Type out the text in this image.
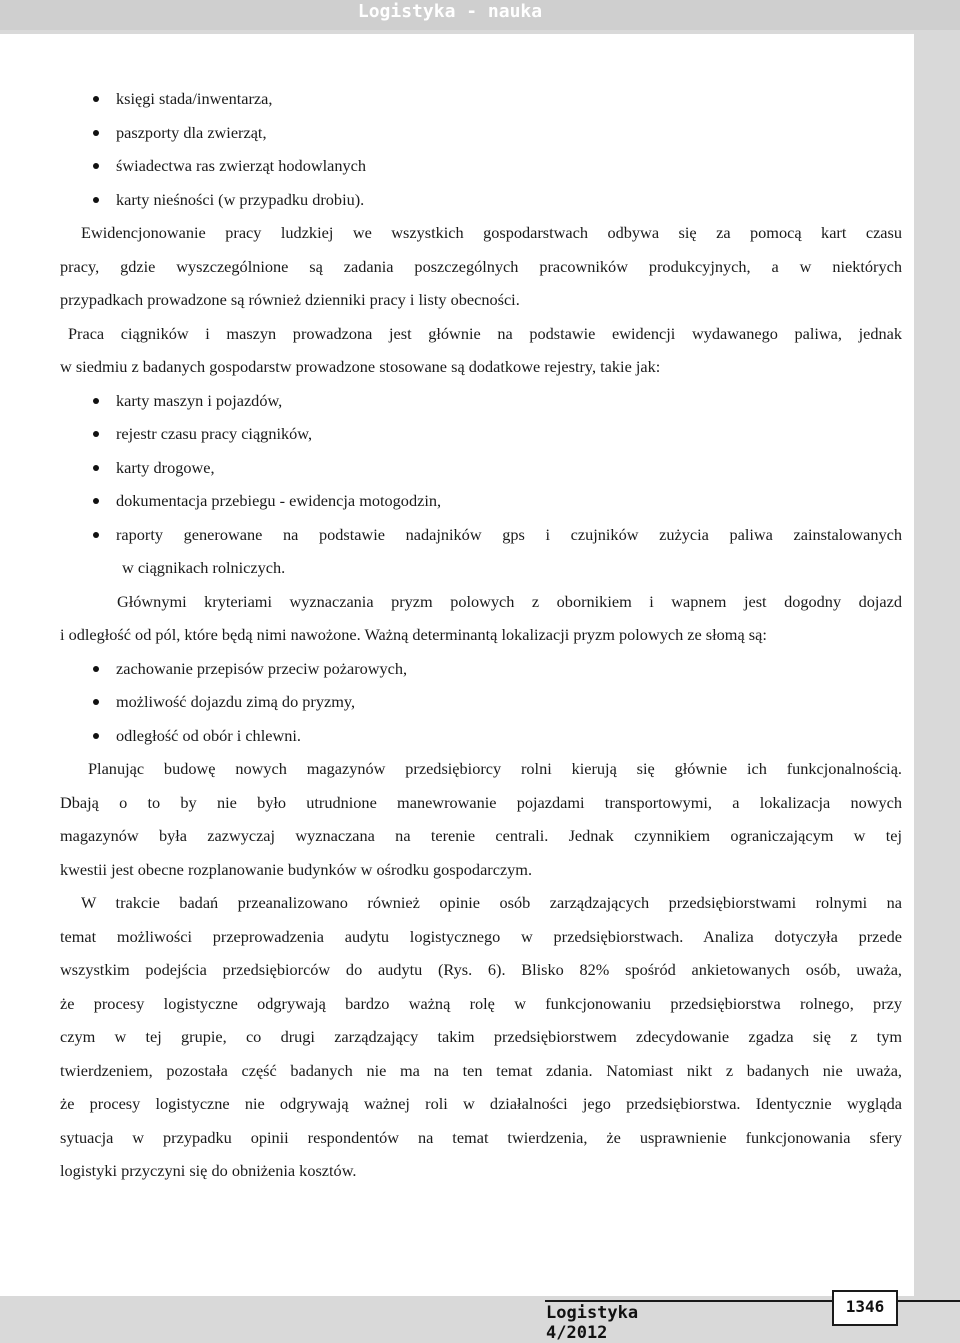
Logistyka - nauka
księgi stada/inwentarza,
paszporty dla zwierząt,
świadectwa ras zwierząt hodowlanych
karty nieśności (w przypadku drobiu).
Ewidencjonowanie pracy ludzkiej we wszystkich gospodarstwach odbywa się za pomocą kart czasu
pracy, gdzie wyszczególnione są zadania poszczególnych pracowników produkcyjnych, a w niektórych
przypadkach prowadzone są również dzienniki pracy i listy obecności.
Praca ciągników i maszyn prowadzona jest głównie na podstawie ewidencji wydawanego paliwa, jednak
w siedmiu z badanych gospodarstw prowadzone stosowane są dodatkowe rejestry, takie jak:
karty maszyn i pojazdów,
rejestr czasu pracy ciągników,
karty drogowe,
dokumentacja przebiegu - ewidencja motogodzin,
raporty generowane na podstawie nadajników gps i czujników zużycia paliwa zainstalowanych
w ciągnikach rolniczych.
Głównymi kryteriami wyznaczania pryzm polowych z obornikiem i wapnem jest dogodny dojazd
i odległość od pól, które będą nimi nawożone. Ważną determinantą lokalizacji pryzm polowych ze słomą są:
zachowanie przepisów przeciw pożarowych,
możliwość dojazdu zimą do pryzmy,
odległość od obór i chlewni.
Planując budowę nowych magazynów przedsiębiorcy rolni kierują się głównie ich funkcjonalnością.
Dbają o to by nie było utrudnione manewrowanie pojazdami transportowymi, a lokalizacja nowych
magazynów była zazwyczaj wyznaczana na terenie centrali. Jednak czynnikiem ograniczającym w tej
kwestii jest obecne rozplanowanie budynków w ośrodku gospodarczym.
W trakcie badań przeanalizowano również opinie osób zarządzających przedsiębiorstwami rolnymi na
temat możliwości przeprowadzenia audytu logistycznego w przedsiębiorstwach. Analiza dotyczyła przede
wszystkim podejścia przedsiębiorców do audytu (Rys. 6). Blisko 82% spośród ankietowanych osób, uważa,
że procesy logistyczne odgrywają bardzo ważną rolę w funkcjonowaniu przedsiębiorstwa rolnego, przy
czym w tej grupie, co drugi zarządzający takim przedsiębiorstwem zdecydowanie zgadza się z tym
twierdzeniem, pozostała część badanych nie ma na ten temat zdania. Natomiast nikt z badanych nie uważa,
że procesy logistyczne nie odgrywają ważnej roli w działalności jego przedsiębiorstwa. Identycznie wygląda
sytuacja w przypadku opinii respondentów na temat twierdzenia, że usprawnienie funkcjonowania sfery
logistyki przyczyni się do obniżenia kosztów.
Logistyka 4/2012
1346
